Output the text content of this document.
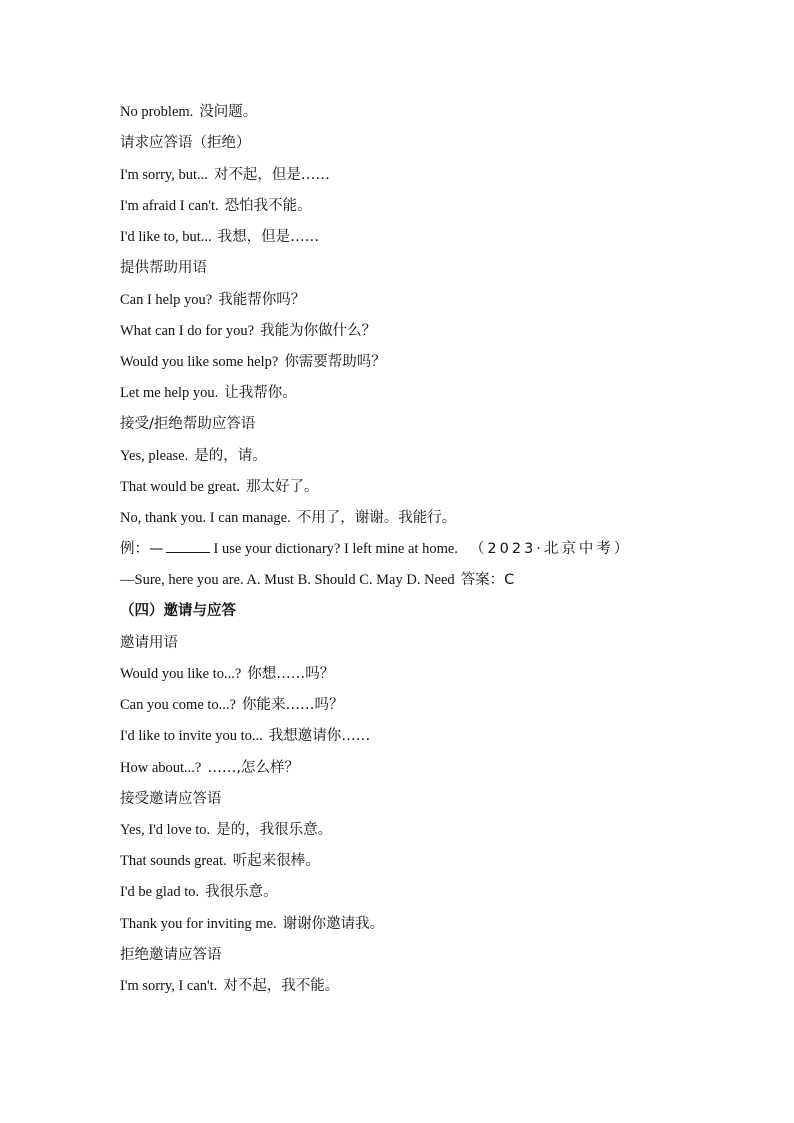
No problem. 没问题。
请求应答语（拒绝）
I'm sorry, but... 对不起，但是……
I'm afraid I can't. 恐怕我不能。
I'd like to, but... 我想，但是……
提供帮助用语
Can I help you? 我能帮你吗？
What can I do for you? 我能为你做什么？
Would you like some help? 你需要帮助吗？
Let me help you. 让我帮你。
接受/拒绝帮助应答语
Yes, please. 是的，请。
That would be great. 那太好了。
No, thank you. I can manage. 不用了，谢谢。我能行。
例：—	I use your dictionary? I left mine at home. （2023·北京中考）
—Sure, here you are. A. Must B. Should C. May D. Need 答案：C
（四）邀请与应答
邀请用语
Would you like to...? 你想……吗？
Can you come to...? 你能来……吗？
I'd like to invite you to... 我想邀请你……
How about...? ……,怎么样？
接受邀请应答语
Yes, I'd love to. 是的，我很乐意。
That sounds great. 听起来很棒。
I'd be glad to. 我很乐意。
Thank you for inviting me. 谢谢你邀请我。
拒绝邀请应答语
I'm sorry, I can't. 对不起，我不能。
